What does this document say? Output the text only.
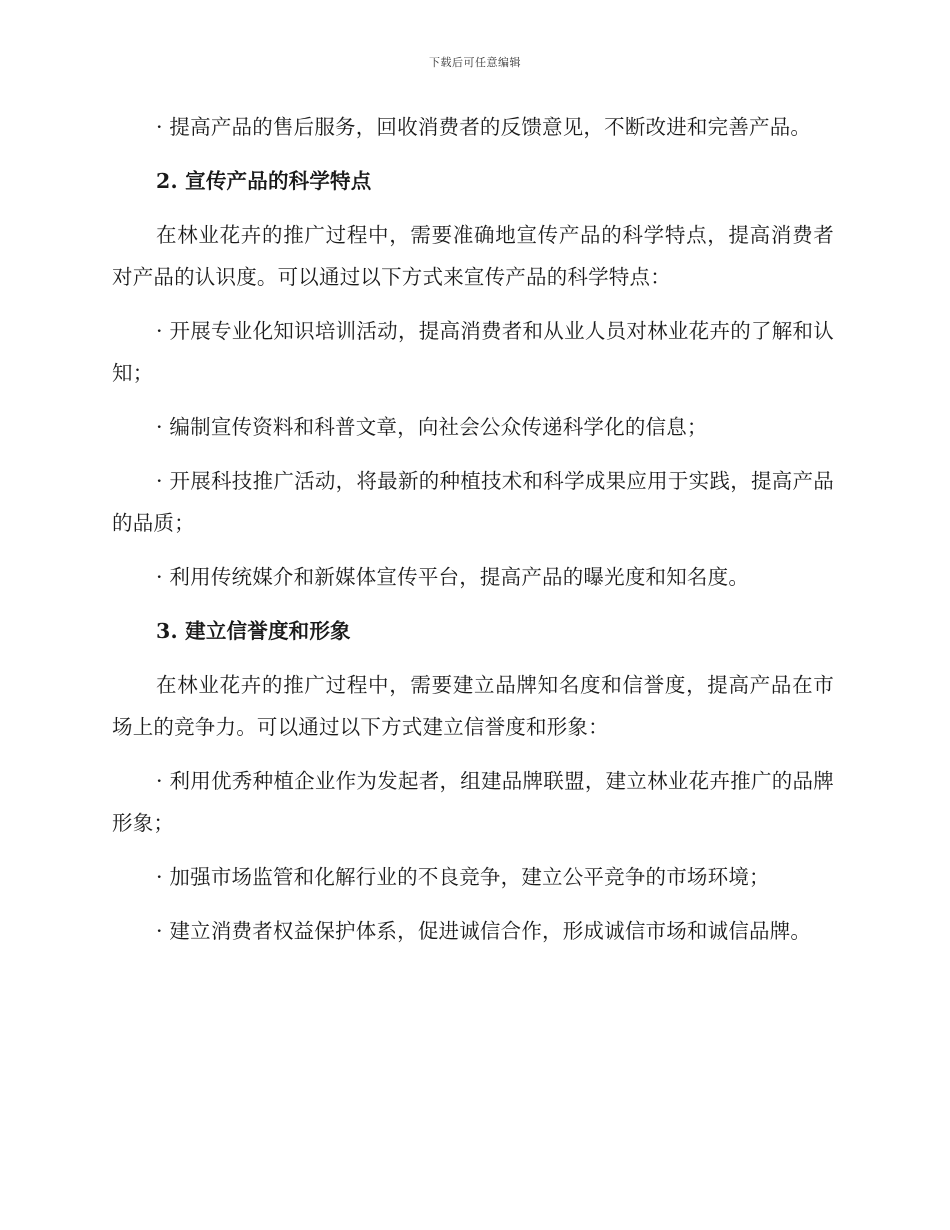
下载后可任意编辑

· 提高产品的售后服务，回收消费者的反馈意见，不断改进和完善产品。

2. 宣传产品的科学特点

在林业花卉的推广过程中，需要准确地宣传产品的科学特点，提高消费者对产品的认识度。可以通过以下方式来宣传产品的科学特点：

· 开展专业化知识培训活动，提高消费者和从业人员对林业花卉的了解和认知；

· 编制宣传资料和科普文章，向社会公众传递科学化的信息；

· 开展科技推广活动，将最新的种植技术和科学成果应用于实践，提高产品的品质；

· 利用传统媒介和新媒体宣传平台，提高产品的曝光度和知名度。

3. 建立信誉度和形象

在林业花卉的推广过程中，需要建立品牌知名度和信誉度，提高产品在市场上的竞争力。可以通过以下方式建立信誉度和形象：

· 利用优秀种植企业作为发起者，组建品牌联盟，建立林业花卉推广的品牌形象；

· 加强市场监管和化解行业的不良竞争，建立公平竞争的市场环境；

· 建立消费者权益保护体系，促进诚信合作，形成诚信市场和诚信品牌。
